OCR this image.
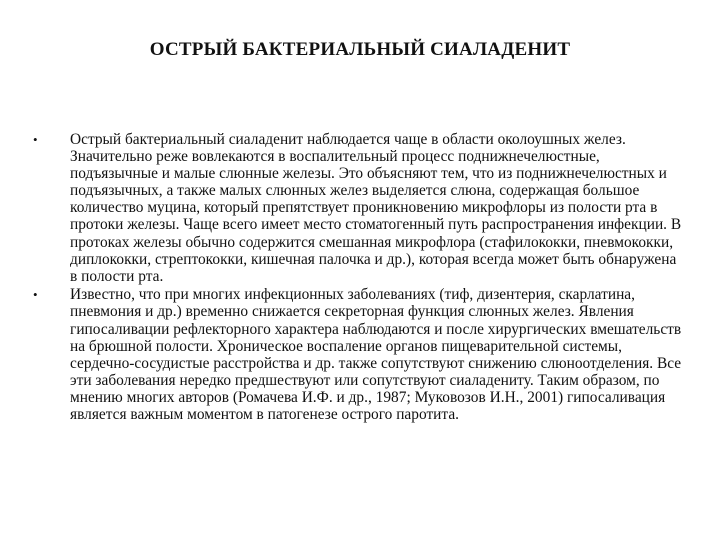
ОСТРЫЙ БАКТЕРИАЛЬНЫЙ СИАЛАДЕНИТ
•	Острый бактериальный сиаладенит наблюдается чаще в области околоушных желез. Значительно реже вовлекаются в воспалительный процесс поднижнечелюстные, подъязычные и малые слюнные железы. Это объясняют тем, что из поднижнечелюстных и подъязычных, а также малых слюнных желез выделяется слюна, содержащая большое количество муцина, который препятствует проникновению микрофлоры из полости рта в протоки железы. Чаще всего имеет место стоматогенный путь распространения инфекции. В протоках железы обычно содержится смешанная микрофлора (стафилококки, пневмококки, диплококки, стрептококки, кишечная палочка и др.), которая всегда может быть обнаружена в полости рта.
•	Известно, что при многих инфекционных заболеваниях (тиф, дизентерия, скарлатина, пневмония и др.) временно снижается секреторная функция слюнных желез. Явления гипосаливации рефлекторного характера наблюдаются и после хирургических вмешательств на брюшной полости. Хроническое воспаление органов пищеварительной системы, сердечно-сосудистые расстройства и др. также сопутствуют снижению слюноотделения. Все эти заболевания нередко предшествуют или сопутствуют сиаладениту. Таким образом, по мнению многих авторов (Ромачева И.Ф. и др., 1987; Муковозов И.Н., 2001) гипосаливация является важным моментом в патогенезе острого паротита.
